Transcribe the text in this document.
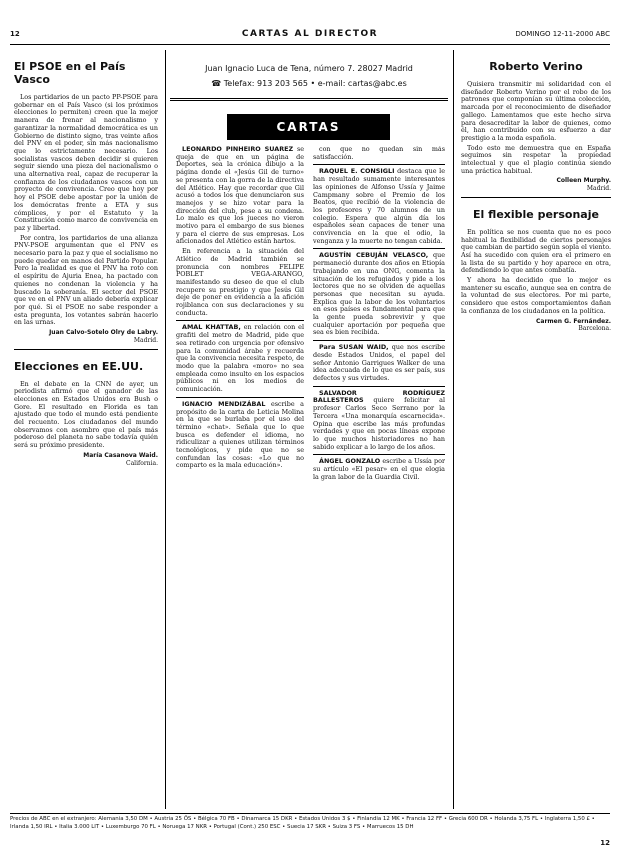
12	CARTAS AL DIRECTOR	DOMINGO 12-11-2000 ABC
El PSOE en el País Vasco

Los partidarios de un pacto PP-PSOE para gobernar en el País Vasco (si los próximos elecciones lo permiten) creen que la mejor manera de frenar al nacionalismo y garantizar la normalidad democrática es un Gobierno de distinto signo, tras veinte años del PNV en el poder, sin más nacionalismo que lo estrictamente necesario. Los socialistas vascos deben decidir si quieren seguir siendo una pieza del nacionalismo o una alternativa real, capaz de recuperar la confianza de los ciudadanos vascos con un proyecto de convivencia. Creo que hoy por hoy el PSOE debe apostar por la unión de los demócratas frente a ETA y sus cómplices, y por el Estatuto y la Constitución como marco de convivencia en paz y libertad.

Por contra, los partidarios de una alianza PNV-PSOE argumentan que el PNV es necesario para la paz y que el socialismo no puede quedar en manos del Partido Popular. Pero la realidad es que el PNV ha roto con el espíritu de Ajuria Enea, ha pactado con quienes no condenan la violencia y ha buscado la soberanía. El sector del PSOE que ve en el PNV un aliado debería explicar por qué. Si el PSOE no sabe responder a esta pregunta, los votantes sabrán hacerlo en las urnas.

Juan Calvo-Sotelo Olry de Labry.
Madrid.
Elecciones en EE.UU.

En el debate en la CNN de ayer, un periodista afirmó que el ganador de las elecciones en Estados Unidos era Bush o Gore. El resultado en Florida es tan ajustado que todo el mundo está pendiente del recuento. Los ciudadanos del mundo observamos con asombro que el país más poderoso del planeta no sabe todavía quién será su próximo presidente.

María Casanova Waid.
California.
Juan Ignacio Luca de Tena, número 7. 28027 Madrid
☎ Telefax: 913 203 565 • e-mail: cartas@abc.es
CARTAS

LEONARDO PINHEIRO SUÁREZ se queja de que en un página de Deportes, sea la crónica dibujo a la página donde el «Jesús Gil de turno» se presenta con la gorra de la directiva del Atlético. Hay que recordar que Gil acusó a todos los que denunciaron sus manejos y se hizo votar para la dirección del club, pese a su condena. Lo malo es que los jueces no vieron motivo para el embargo de sus bienes y para el cierre de sus empresas. Los aficionados del Atlético están hartos.

En referencia a la situación del Atlético de Madrid también se pronuncia con nombres FELIPE POBLET VEGA-ARANGO, manifestando su deseo de que el club recupere su prestigio y que Jesús Gil deje de poner en evidencia a la afición rojiblanca con sus declaraciones y su conducta.

AMAL KHATTAB, en relación con el grafiti del metro de Madrid, pide que sea retirado con urgencia por ofensivo para la comunidad árabe y recuerda que la convivencia necesita respeto, de modo que la palabra «moro» no sea empleada como insulto en los espacios públicos ni en los medios de comunicación.

IGNACIO MENDIZÁBAL escribe a propósito de la carta de Leticia Molina en la que se burlaba por el uso del término «chat». Señala que lo que busca es defender el idioma, no ridiculizar a quienes utilizan términos tecnológicos, y pide que no se confundan las cosas: «Lo que no comparto es la mala educación».

con que no quedan sin más satisfacción.

RAQUEL E. CONSIGLI destaca que le han resultado sumamente interesantes las opiniones de Alfonso Ussía y Jaime Campmany sobre el Premio de los Beatos, que recibió de la violencia de los profesores y 70 alumnos de un colegio. Espera que algún día los españoles sean capaces de tener una convivencia en la que el odio, la venganza y la muerte no tengan cabida.

AGUSTÍN CEBUJÁN VELASCO, que permaneció durante dos años en Etiopía trabajando en una ONG, comenta la situación de los refugiados y pide a los lectores que no se olviden de aquellas personas que necesitan su ayuda. Explica que la labor de los voluntarios en esos países es fundamental para que la gente pueda sobrevivir y que cualquier aportación por pequeña que sea es bien recibida.

Para SUSAN WAID, que nos escribe desde Estados Unidos, el papel del señor Antonio Garrigues Walker de una idea adecuada de lo que es ser país, sus defectos y sus virtudes.

SALVADOR RODRÍGUEZ BALLESTEROS quiere felicitar al profesor Carlos Seco Serrano por la Tercera «Una monarquía escarnecida». Opina que escribe las más profundas verdades y que en pocas líneas expone lo que muchos historiadores no han sabido explicar a lo largo de los años.

ÁNGEL GONZALO escribe a Ussía por su artículo «El pesar» en el que elogia la gran labor de la Guardia Civil.

Roberto Verino

Quisiera transmitir mi solidaridad con el diseñador Roberto Verino por el robo de los patrones que componían su última colección, marcada por el reconocimiento de diseñador gallego. Lamentamos que este hecho sirva para desacreditar la labor de quienes, como él, han contribuido con su esfuerzo a dar prestigio a la moda española.

Todo esto me demuestra que en España seguimos sin respetar la propiedad intelectual y que el plagio continúa siendo una práctica habitual.

Colleen Murphy.
Madrid.
El flexible personaje

En política se nos cuenta que no es poco habitual la flexibilidad de ciertos personajes que cambian de partido según sopla el viento. Así ha sucedido con quien era el primero en la lista de su partido y hoy aparece en otra, defendiendo lo que antes combatía.

Y ahora ha decidido que lo mejor es mantener su escaño, aunque sea en contra de la voluntad de sus electores. Por mi parte, considero que estos comportamientos dañan la confianza de los ciudadanos en la política.

Carmen G. Fernández.
Barcelona.
Precios de ABC en el extranjero: Alemania 3,50 DM • Austria 25 ÖS • Bélgica 70 FB • Dinamarca 15 DKR • Estados Unidos 3 $ • Finlandia 12 MK • Francia 12 FF • Grecia 600 DR • Holanda 3,75 FL • Inglaterra 1,50 £ • Irlanda 1,50 IRL • Italia 3.000 LIT • Luxemburgo 70 FL • Noruega 17 NKR • Portugal (Cont.) 250 ESC • Suecia 17 SKR • Suiza 3 FS • Marruecos 15 DH
12
